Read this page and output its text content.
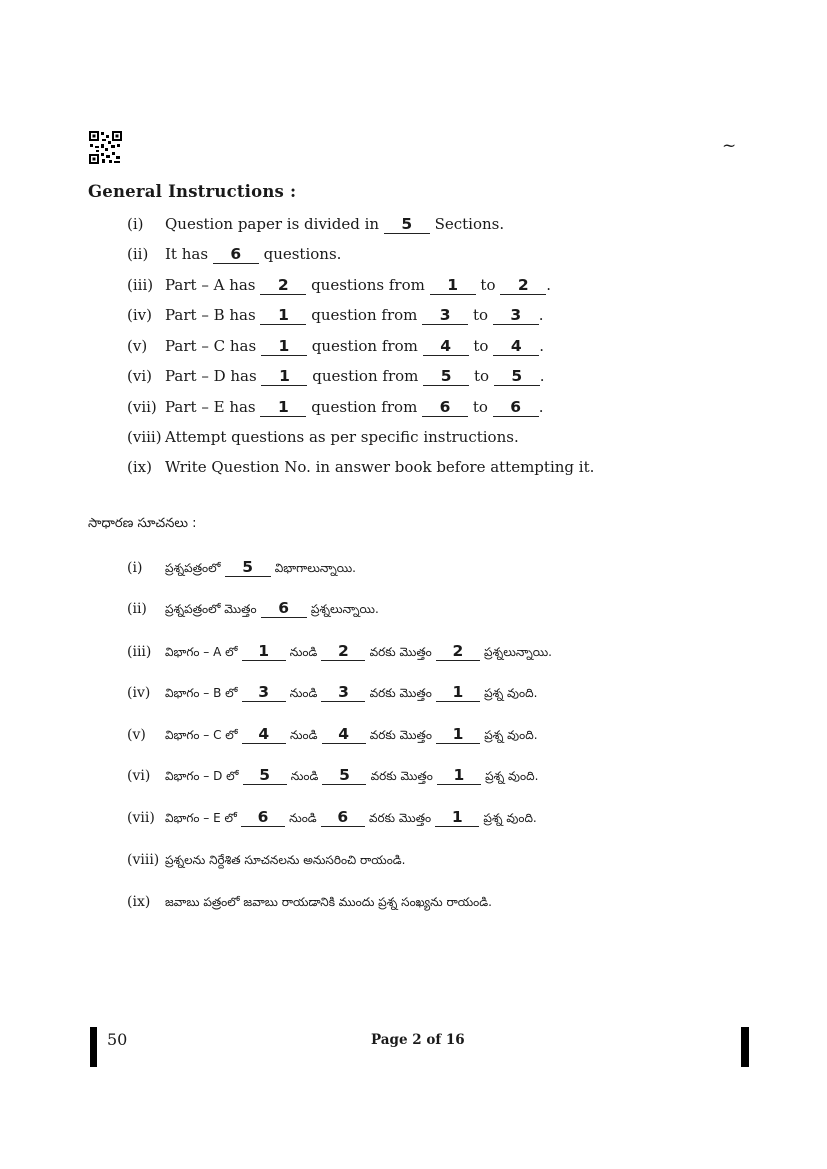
~
General Instructions :
(i) Question paper is divided in 5 Sections.
(ii) It has 6 questions.
(iii) Part – A has 2 questions from 1 to 2 .
(iv) Part – B has 1 question from 3 to 3 .
(v) Part – C has 1 question from 4 to 4 .
(vi) Part – D has 1 question from 5 to 5 .
(vii) Part – E has 1 question from 6 to 6 .
(viii) Attempt questions as per specific instructions.
(ix) Write Question No. in answer book before attempting it.
సాధారణ సూచనలు :
(i) ప్రశ్నపత్రంలో 5 విభాగాలున్నాయి.
(ii) ప్రశ్నపత్రంలో మొత్తం 6 ప్రశ్నలున్నాయి.
(iii) విభాగం – A లో 1 నుండి 2 వరకు మొత్తం 2 ప్రశ్నలున్నాయి.
(iv) విభాగం – B లో 3 నుండి 3 వరకు మొత్తం 1 ప్రశ్న వుంది.
(v) విభాగం – C లో 4 నుండి 4 వరకు మొత్తం 1 ప్రశ్న వుంది.
(vi) విభాగం – D లో 5 నుండి 5 వరకు మొత్తం 1 ప్రశ్న వుంది.
(vii) విభాగం – E లో 6 నుండి 6 వరకు మొత్తం 1 ప్రశ్న వుంది.
(viii) ప్రశ్నలను నిర్దేశిత సూచనలను అనుసరించి రాయండి.
(ix) జవాబు పత్రంలో జవాబు రాయడానికి ముందు ప్రశ్న సంఖ్యను రాయండి.
50	Page 2 of 16
